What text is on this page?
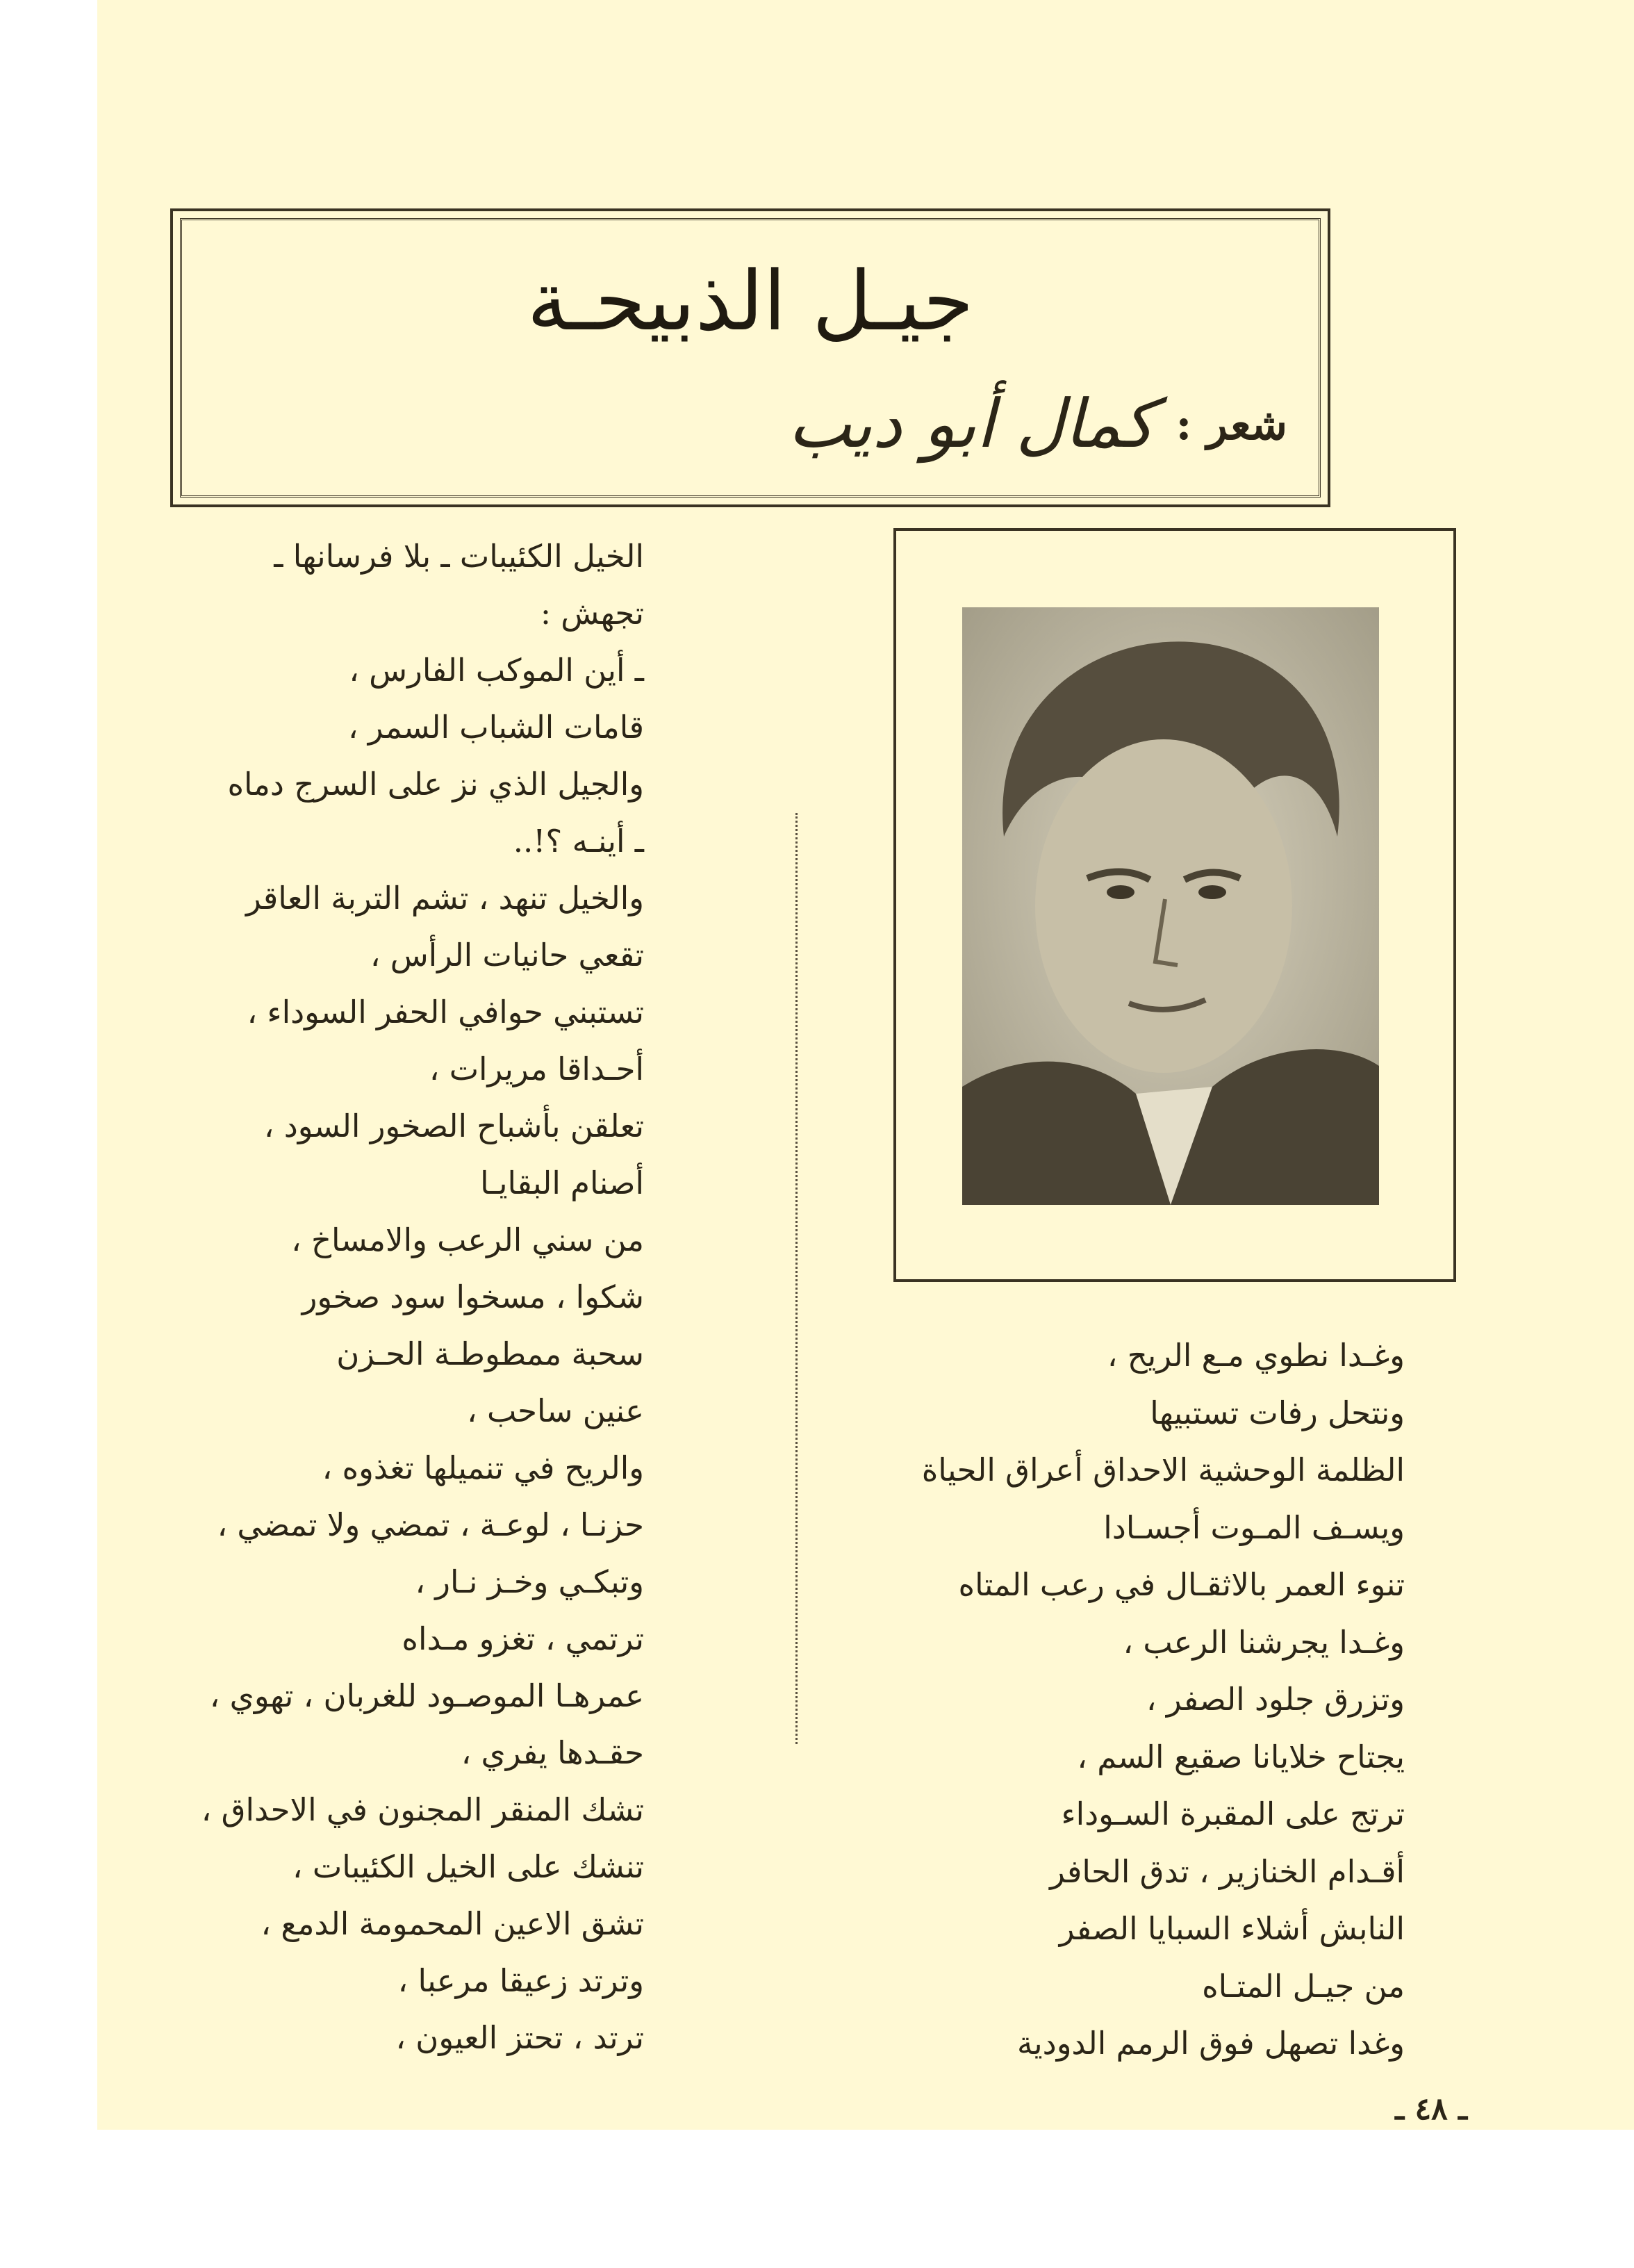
جيـل الذبيحـة
شعر :
كمال أبو ديب
الخيل الكئيبات ـ بلا فرسانها ـ
تجهش :
ـ أين الموكب الفارس ،
قامات الشباب السمر ،
والجيل الذي نز على السرج دماه
ـ أينـه ؟!..
والخيل تنهد ، تشم التربة العاقر
تقعي حانيات الرأس ،
تستبني حوافي الحفر السوداء ،
أحـداقا مريرات ،
تعلقن بأشباح الصخور السود ،
أصنام البقايـا
من سني الرعب والامساخ ،
شكوا ، مسخوا سود صخور
سحبة ممطوطـة الحـزن
عنين ساحب ،
والريح في تنميلها تغذوه ،
حزنـا ، لوعـة ، تمضي ولا تمضي ،
وتبكـي وخـز نـار ،
ترتمي ، تغزو مـداه
عمرهـا الموصـود للغربان ، تهوي ،
حقـدها يفري ،
تشك المنقر المجنون في الاحداق ،
تنشك على الخيل الكئيبات ،
تشق الاعين المحمومة الدمع ،
وترتد زعيقا مرعبا ،
ترتد ، تحتز العيون ،
وغـدا نطوي مـع الريح ،
ونتحل رفات تستبيها
الظلمة الوحشية الاحداق أعراق الحياة
ويسـف المـوت أجسـادا
تنوء العمر بالاثقـال في رعب المتاه
وغـدا يجرشنا الرعب ،
وتزرق جلود الصفر ،
يجتاح خلايانا صقيع السم ،
ترتج على المقبرة السـوداء
أقـدام الخنازير ، تدق الحافر
النابش أشلاء السبايا الصفر
من جيـل المتـاه
وغدا تصهل فوق الرمم الدودية
ـ ٤٨ ـ
